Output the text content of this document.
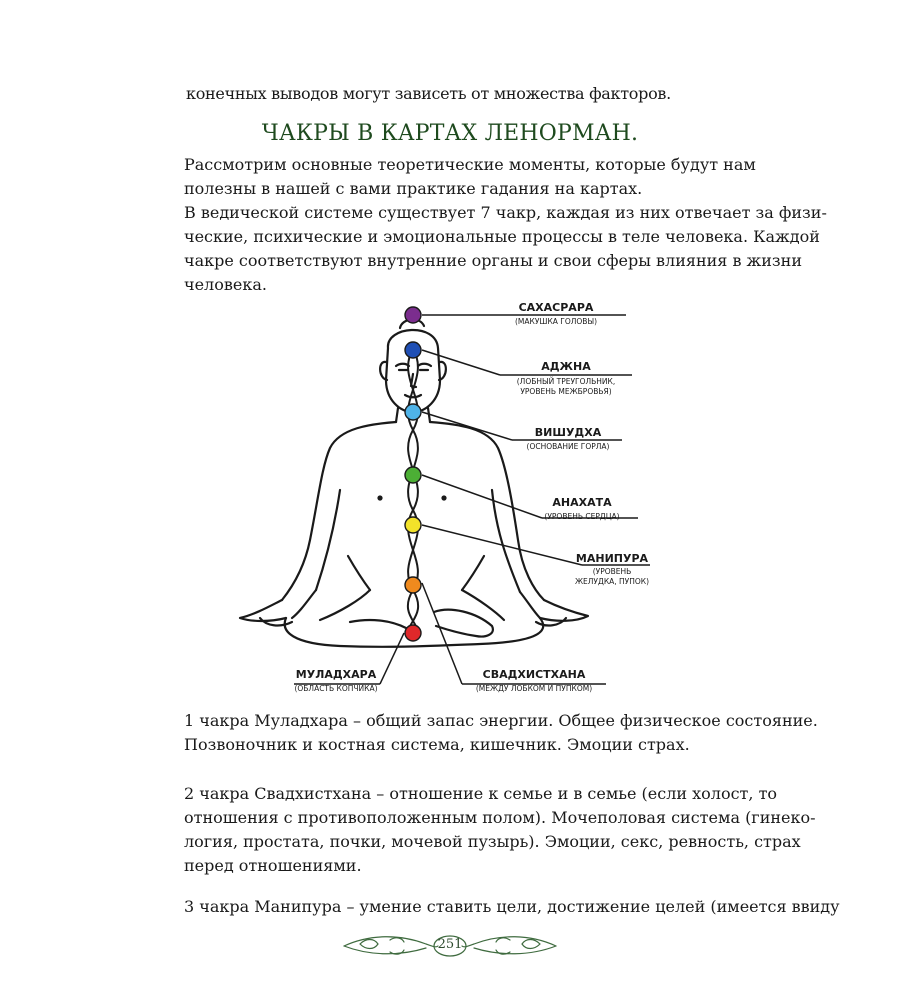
конечных выводов могут зависеть от множества факторов.
ЧАКРЫ В КАРТАХ ЛЕНОРМАН.
Рассмотрим основные теоретические моменты, которые будут нам
полезны в нашей с вами практике гадания на картах.
В ведической системе существует 7 чакр, каждая из них отвечает за физи-
ческие, психические и эмоциональные процессы в теле человека. Каждой
чакре соответствуют внутренние органы и свои сферы влияния в жизни
человека.
САХАСРАРА
(МАКУШКА ГОЛОВЫ)
АДЖНА
(ЛОБНЫЙ ТРЕУГОЛЬНИК,
УРОВЕНЬ МЕЖБРОВЬЯ)
ВИШУДХА
(ОСНОВАНИЕ ГОРЛА)
АНАХАТА
(УРОВЕНЬ СЕРДЦА)
МАНИПУРА
(УРОВЕНЬ
ЖЕЛУДКА, ПУПОК)
СВАДХИСТХАНА
(МЕЖДУ ЛОБКОМ И ПУПКОМ)
МУЛАДХАРА
(ОБЛАСТЬ КОПЧИКА)
1 чакра Муладхара – общий запас энергии. Общее физическое состояние.
Позвоночник и костная система, кишечник. Эмоции страх.
2 чакра Свадхистхана – отношение к семье и в семье (если холост, то
отношения с противоположенным полом). Мочеполовая система (гинеко-
логия, простата, почки, мочевой пузырь). Эмоции, секс, ревность, страх
перед отношениями.
3 чакра Манипура – умение ставить цели, достижение целей (имеется ввиду
251
